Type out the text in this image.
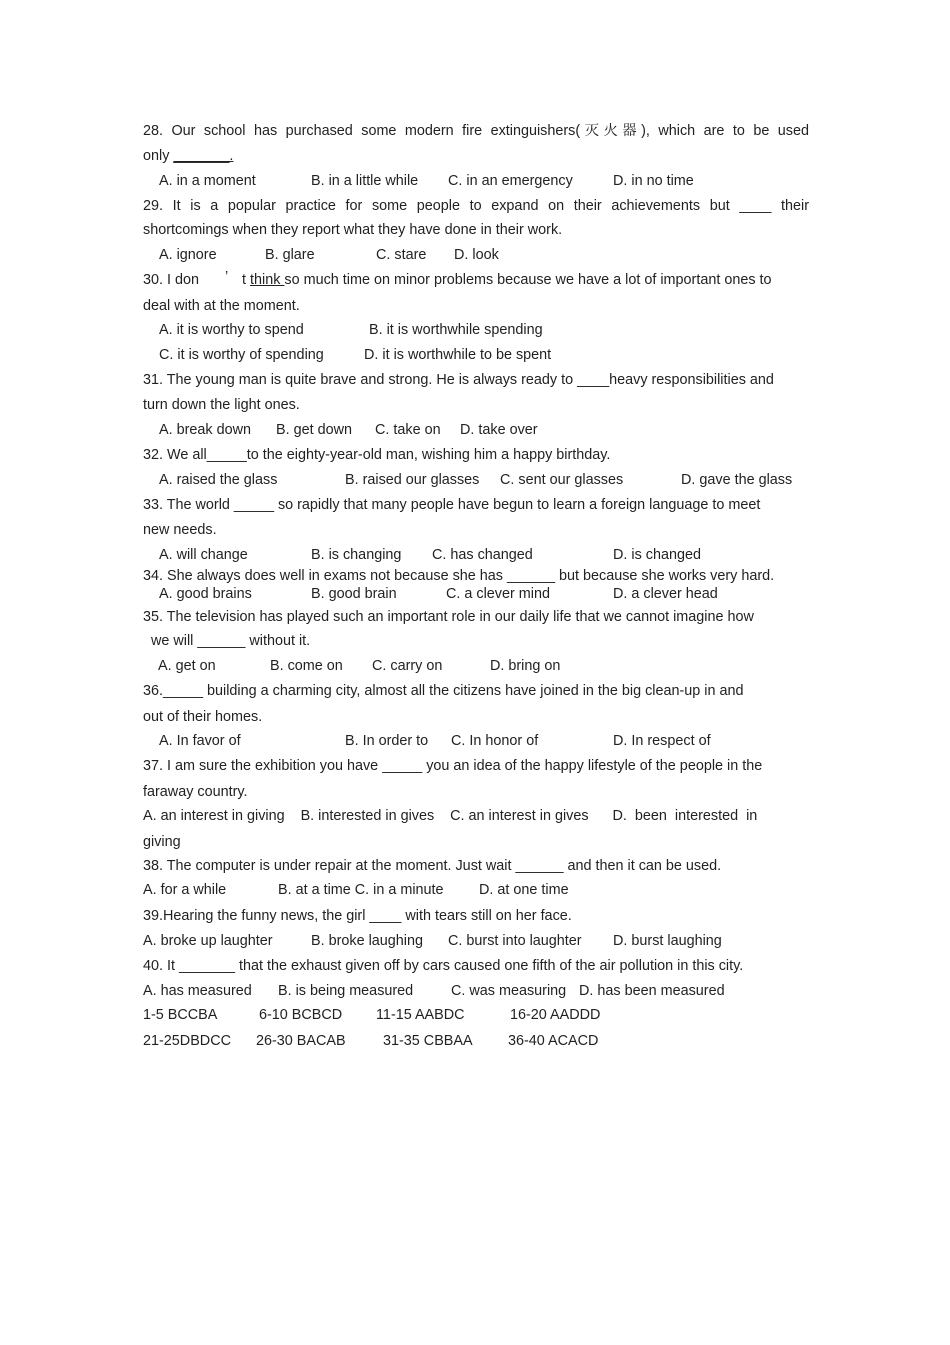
28. Our school has purchased some modern fire extinguishers(灭火器), which are to be used
only _______.
A. in a moment	B. in a little while C. in an emergency	D. in no time
29. It is a popular practice for some people to expand on their achievements but ____ their
shortcomings when they report what they have done in their work.
A. ignore	B. glare	C. stare D. look
30. I don ’ t think so much time on minor problems because we have a lot of important ones to
deal with at the moment.
A. it is worthy to spend	B. it is worthwhile spending
C. it is worthy of spending	D. it is worthwhile to be spent
31. The young man is quite brave and strong. He is always ready to ____heavy responsibilities and
turn down the light ones.
A. break down B. get down C. take on D. take over
32. We all_____to the eighty-year-old man, wishing him a happy birthday.
A. raised the glass	B. raised our glasses C. sent our glasses	D. gave the glass
33. The world _____ so rapidly that many people have begun to learn a foreign language to meet
new needs.
A. will change	B. is changing C. has changed	D. is changed
34. She always does well in exams not because she has ______ but because she works very hard.
A. good brains	B. good brain	C. a clever mind	D. a clever head
35. The television has played such an important role in our daily life that we cannot imagine how
we will ______ without it.
A. get on	B. come on C. carry on	D. bring on
36._____ building a charming city, almost all the citizens have joined in the big clean-up in and
out of their homes.
A. In favor of	B. In order to C. In honor of	D. In respect of
37. I am sure the exhibition you have _____ you an idea of the happy lifestyle of the people in the
faraway country.
A. an interest in giving    B. interested in gives    C. an interest in gives      D.  been  interested  in
giving
38. The computer is under repair at the moment. Just wait ______ and then it can be used.
A. for a while	B. at a time C. in a minute D. at one time
39.Hearing the funny news, the girl ____ with tears still on her face.
A. broke up laughter	B. broke laughing C. burst into laughter D. burst laughing
40. It _______ that the exhaust given off by cars caused one fifth of the air pollution in this city.
A. has measured B. is being measured	C. was measuring D. has been measured
1-5 BCCBA	6-10 BCBCD 11-15 AABDC	16-20 AADDD
21-25DBDCC 26-30 BACAB	31-35 CBBAA 36-40 ACACD
